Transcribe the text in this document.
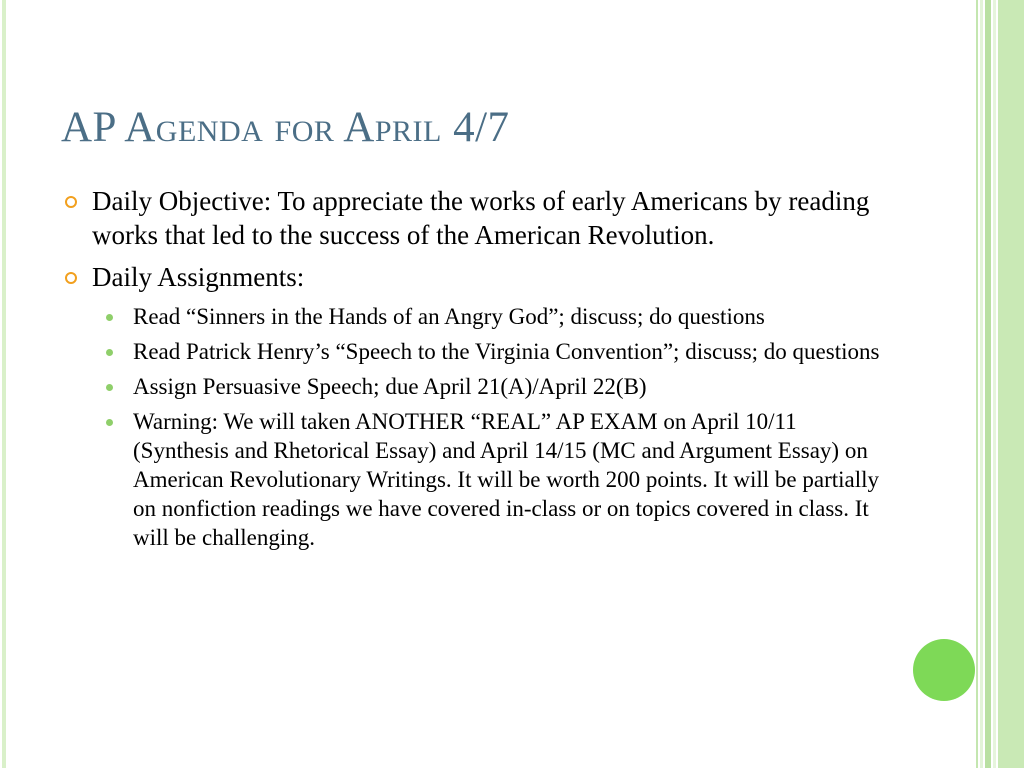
AP Agenda for April 4/7
Daily Objective: To appreciate the works of early Americans by reading works that led to the success of the American Revolution.
Daily Assignments:
Read “Sinners in the Hands of an Angry God”; discuss; do questions
Read Patrick Henry’s “Speech to the Virginia Convention”; discuss; do questions
Assign Persuasive Speech; due April 21(A)/April 22(B)
Warning: We will taken ANOTHER “REAL” AP EXAM on April 10/11 (Synthesis and Rhetorical Essay) and April 14/15 (MC and Argument Essay) on American Revolutionary Writings. It will be worth 200 points. It will be partially on nonfiction readings we have covered in-class or on topics covered in class. It will be challenging.
